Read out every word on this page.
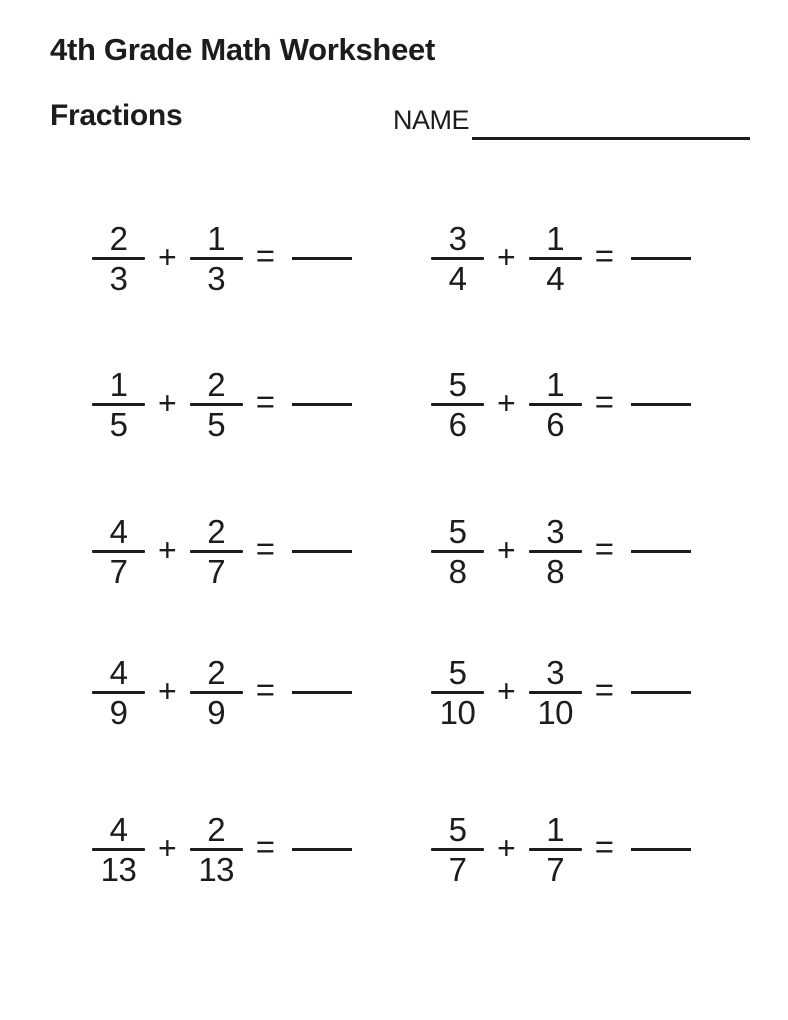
4th Grade Math Worksheet
Fractions	NAME
$\frac{2}{3} + \frac{1}{3}$ =	$\frac{3}{4} + \frac{1}{4}$ =
$\frac{1}{5} + \frac{2}{5}$ =	$\frac{5}{6} + \frac{1}{6}$ =
$\frac{4}{7} + \frac{2}{7}$ =	$\frac{5}{8} + \frac{3}{8}$ =
$\frac{4}{9} + \frac{2}{9}$ =	$\frac{5}{10} + \frac{3}{10}$ =
$\frac{4}{13} + \frac{2}{13}$ =	$\frac{5}{7} + \frac{1}{7}$ =
